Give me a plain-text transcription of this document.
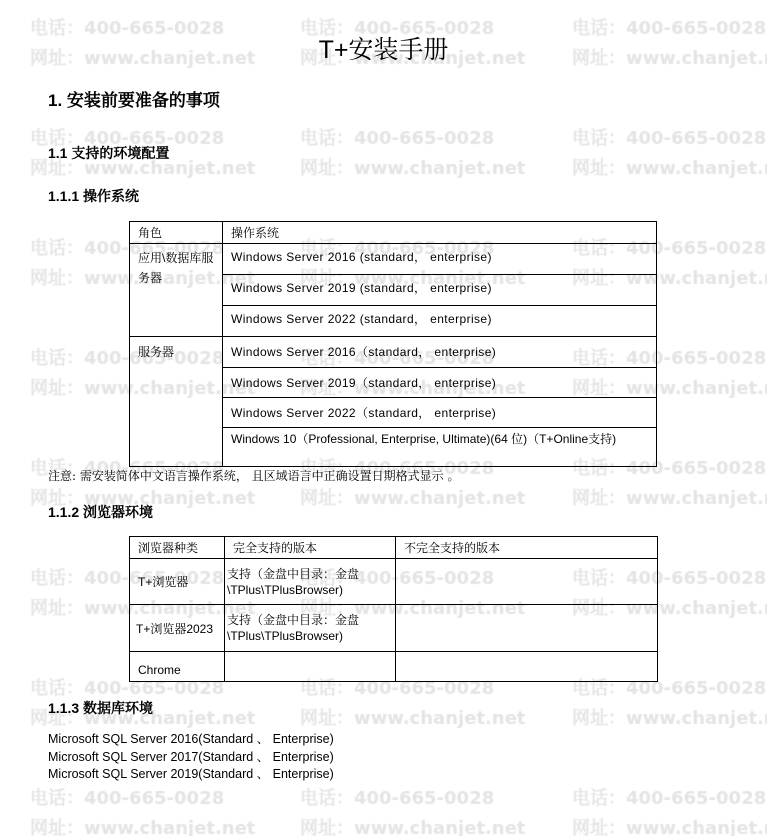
T+安装手册
1. 安装前要准备的事项
1.1 支持的环境配置
1.1.1 操作系统
角色	操作系统
应用\数据库服务器	Windows Server 2016 (standard， enterprise)
	Windows Server 2019 (standard， enterprise)
	Windows Server 2022 (standard， enterprise)
服务器	Windows Server 2016（standard， enterprise)
	Windows Server 2019（standard， enterprise)
	Windows Server 2022（standard， enterprise)
	Windows 10（Professional, Enterprise, Ultimate)(64 位)（T+Online支持)
注意: 需安装简体中文语言操作系统， 且区域语言中正确设置日期格式显示 。
1.1.2 浏览器环境
浏览器种类	完全支持的版本	不完全支持的版本
T+浏览器	支持（金盘中目录：金盘\TPlus\TPlusBrowser)	
T+浏览器2023	支持（金盘中目录：金盘\TPlus\TPlusBrowser)	
Chrome		
1.1.3 数据库环境
Microsoft SQL Server 2016(Standard 、 Enterprise)
Microsoft SQL Server 2017(Standard 、 Enterprise)
Microsoft SQL Server 2019(Standard 、 Enterprise)
